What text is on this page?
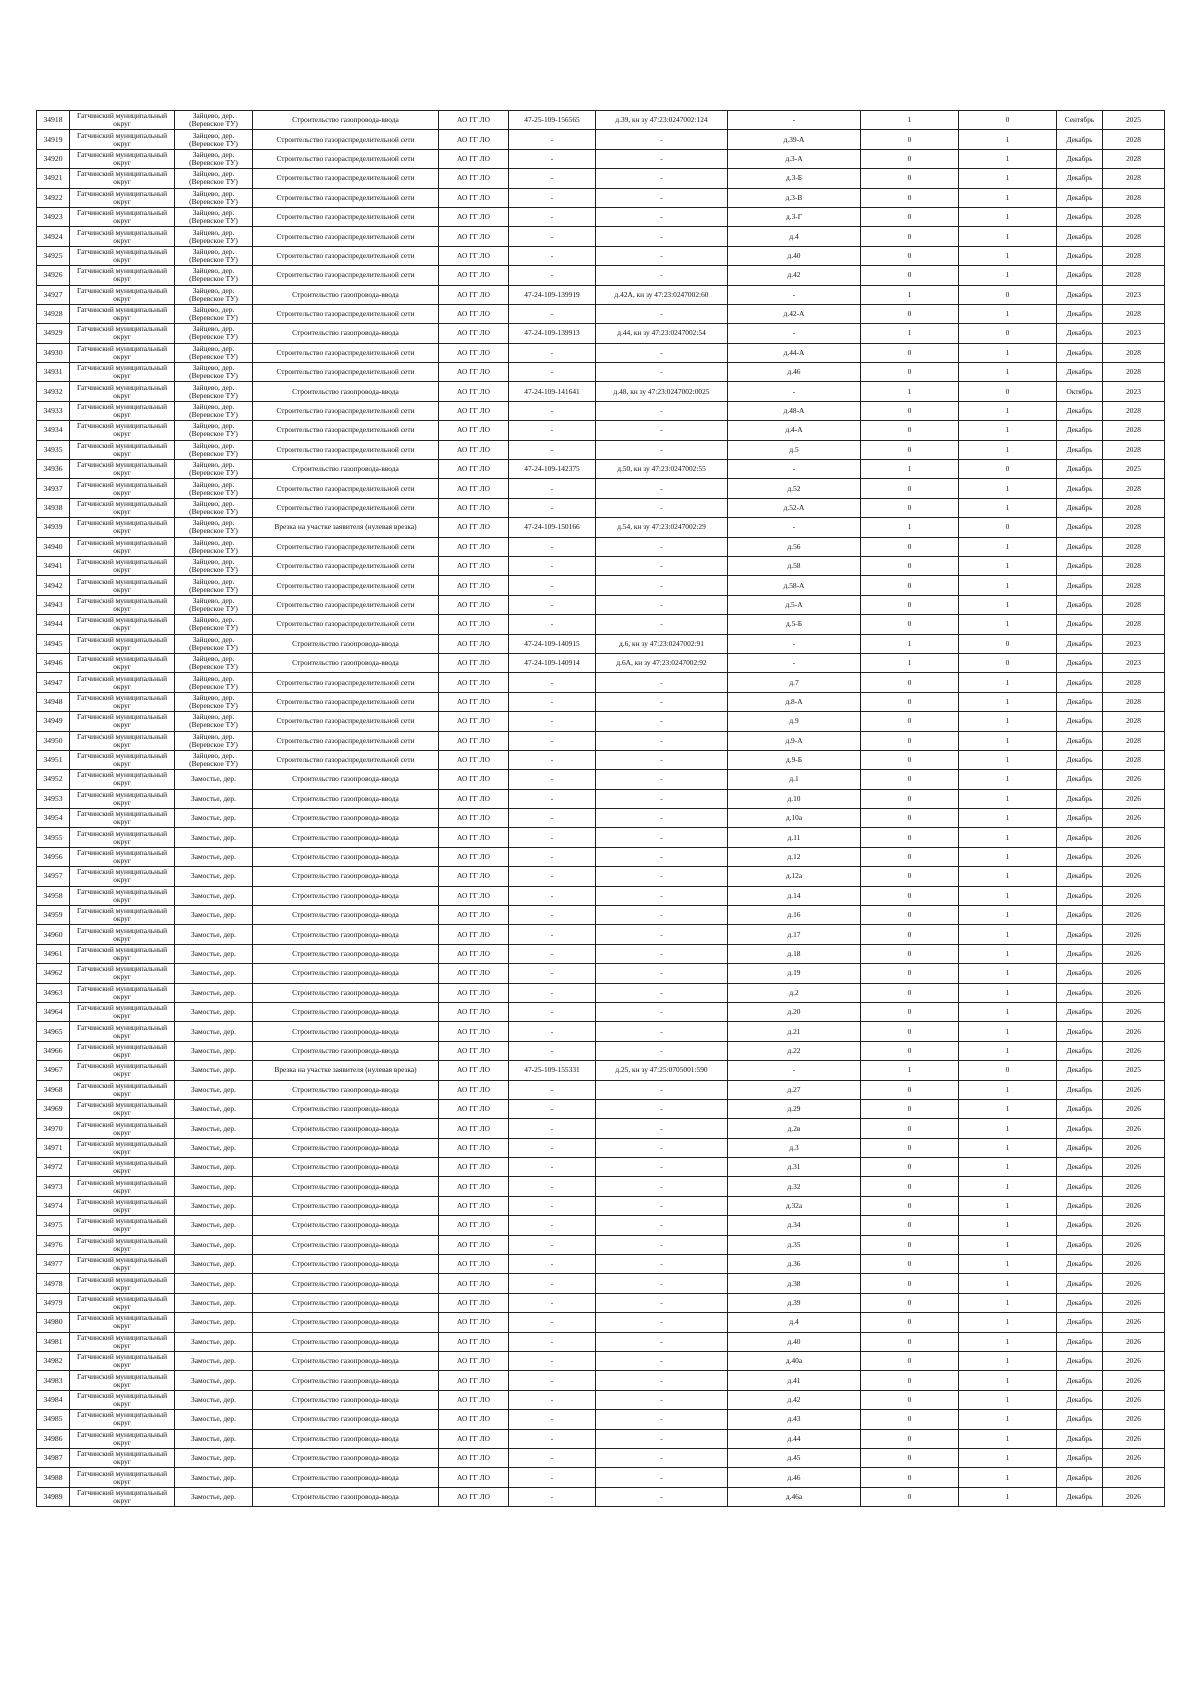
34918	Гатчинский муниципальный округ	Зайцево, дер. (Веревское ТУ)	Строительство газопровода-ввода	АО ГГ ЛО	47-25-109-156565	д.39, кн зу 47:23:0247002:124	-	1	0	Сентябрь	2025
34919	Гатчинский муниципальный округ	Зайцево, дер. (Веревское ТУ)	Строительство газораспределительной сети	АО ГГ ЛО	-	-	д.39-А	0	1	Декабрь	2028
34920	Гатчинский муниципальный округ	Зайцево, дер. (Веревское ТУ)	Строительство газораспределительной сети	АО ГГ ЛО	-	-	д.3-А	0	1	Декабрь	2028
34921	Гатчинский муниципальный округ	Зайцево, дер. (Веревское ТУ)	Строительство газораспределительной сети	АО ГГ ЛО	-	-	д.3-Б	0	1	Декабрь	2028
34922	Гатчинский муниципальный округ	Зайцево, дер. (Веревское ТУ)	Строительство газораспределительной сети	АО ГГ ЛО	-	-	д.3-В	0	1	Декабрь	2028
34923	Гатчинский муниципальный округ	Зайцево, дер. (Веревское ТУ)	Строительство газораспределительной сети	АО ГГ ЛО	-	-	д.3-Г	0	1	Декабрь	2028
34924	Гатчинский муниципальный округ	Зайцево, дер. (Веревское ТУ)	Строительство газораспределительной сети	АО ГГ ЛО	-	-	д.4	0	1	Декабрь	2028
34925	Гатчинский муниципальный округ	Зайцево, дер. (Веревское ТУ)	Строительство газораспределительной сети	АО ГГ ЛО	-	-	д.40	0	1	Декабрь	2028
34926	Гатчинский муниципальный округ	Зайцево, дер. (Веревское ТУ)	Строительство газораспределительной сети	АО ГГ ЛО	-	-	д.42	0	1	Декабрь	2028
34927	Гатчинский муниципальный округ	Зайцево, дер. (Веревское ТУ)	Строительство газопровода-ввода	АО ГГ ЛО	47-24-109-139919	д.42А, кн зу 47:23:0247002:60	-	1	0	Декабрь	2023
34928	Гатчинский муниципальный округ	Зайцево, дер. (Веревское ТУ)	Строительство газораспределительной сети	АО ГГ ЛО	-	-	д.42-А	0	1	Декабрь	2028
34929	Гатчинский муниципальный округ	Зайцево, дер. (Веревское ТУ)	Строительство газопровода-ввода	АО ГГ ЛО	47-24-109-139913	д.44, кн зу 47:23:0247002:54	-	1	0	Декабрь	2023
34930	Гатчинский муниципальный округ	Зайцево, дер. (Веревское ТУ)	Строительство газораспределительной сети	АО ГГ ЛО	-	-	д.44-А	0	1	Декабрь	2028
34931	Гатчинский муниципальный округ	Зайцево, дер. (Веревское ТУ)	Строительство газораспределительной сети	АО ГГ ЛО	-	-	д.46	0	1	Декабрь	2028
34932	Гатчинский муниципальный округ	Зайцево, дер. (Веревское ТУ)	Строительство газопровода-ввода	АО ГГ ЛО	47-24-109-141641	д.48, кн зу 47:23:0247002:0025	-	1	0	Октябрь	2023
34933	Гатчинский муниципальный округ	Зайцево, дер. (Веревское ТУ)	Строительство газораспределительной сети	АО ГГ ЛО	-	-	д.48-А	0	1	Декабрь	2028
34934	Гатчинский муниципальный округ	Зайцево, дер. (Веревское ТУ)	Строительство газораспределительной сети	АО ГГ ЛО	-	-	д.4-А	0	1	Декабрь	2028
34935	Гатчинский муниципальный округ	Зайцево, дер. (Веревское ТУ)	Строительство газораспределительной сети	АО ГГ ЛО	-	-	д.5	0	1	Декабрь	2028
34936	Гатчинский муниципальный округ	Зайцево, дер. (Веревское ТУ)	Строительство газопровода-ввода	АО ГГ ЛО	47-24-109-142375	д.50, кн зу 47:23:0247002:55	-	1	0	Декабрь	2025
34937	Гатчинский муниципальный округ	Зайцево, дер. (Веревское ТУ)	Строительство газораспределительной сети	АО ГГ ЛО	-	-	д.52	0	1	Декабрь	2028
34938	Гатчинский муниципальный округ	Зайцево, дер. (Веревское ТУ)	Строительство газораспределительной сети	АО ГГ ЛО	-	-	д.52-А	0	1	Декабрь	2028
34939	Гатчинский муниципальный округ	Зайцево, дер. (Веревское ТУ)	Врезка на участке заявителя (нулевая врезка)	АО ГГ ЛО	47-24-109-150166	д.54, кн зу 47:23:0247002:29	-	1	0	Декабрь	2028
34940	Гатчинский муниципальный округ	Зайцево, дер. (Веревское ТУ)	Строительство газораспределительной сети	АО ГГ ЛО	-	-	д.56	0	1	Декабрь	2028
34941	Гатчинский муниципальный округ	Зайцево, дер. (Веревское ТУ)	Строительство газораспределительной сети	АО ГГ ЛО	-	-	д.58	0	1	Декабрь	2028
34942	Гатчинский муниципальный округ	Зайцево, дер. (Веревское ТУ)	Строительство газораспределительной сети	АО ГГ ЛО	-	-	д.58-А	0	1	Декабрь	2028
34943	Гатчинский муниципальный округ	Зайцево, дер. (Веревское ТУ)	Строительство газораспределительной сети	АО ГГ ЛО	-	-	д.5-А	0	1	Декабрь	2028
34944	Гатчинский муниципальный округ	Зайцево, дер. (Веревское ТУ)	Строительство газораспределительной сети	АО ГГ ЛО	-	-	д.5-Б	0	1	Декабрь	2028
34945	Гатчинский муниципальный округ	Зайцево, дер. (Веревское ТУ)	Строительство газопровода-ввода	АО ГГ ЛО	47-24-109-140915	д.6, кн зу 47:23:0247002:91	-	1	0	Декабрь	2023
34946	Гатчинский муниципальный округ	Зайцево, дер. (Веревское ТУ)	Строительство газопровода-ввода	АО ГГ ЛО	47-24-109-140914	д.6А, кн зу 47:23:0247002:92	-	1	0	Декабрь	2023
34947	Гатчинский муниципальный округ	Зайцево, дер. (Веревское ТУ)	Строительство газораспределительной сети	АО ГГ ЛО	-	-	д.7	0	1	Декабрь	2028
34948	Гатчинский муниципальный округ	Зайцево, дер. (Веревское ТУ)	Строительство газораспределительной сети	АО ГГ ЛО	-	-	д.8-А	0	1	Декабрь	2028
34949	Гатчинский муниципальный округ	Зайцево, дер. (Веревское ТУ)	Строительство газораспределительной сети	АО ГГ ЛО	-	-	д.9	0	1	Декабрь	2028
34950	Гатчинский муниципальный округ	Зайцево, дер. (Веревское ТУ)	Строительство газораспределительной сети	АО ГГ ЛО	-	-	д.9-А	0	1	Декабрь	2028
34951	Гатчинский муниципальный округ	Зайцево, дер. (Веревское ТУ)	Строительство газораспределительной сети	АО ГГ ЛО	-	-	д.9-Б	0	1	Декабрь	2028
34952	Гатчинский муниципальный округ	Замостье, дер.	Строительство газопровода-ввода	АО ГГ ЛО	-	-	д.1	0	1	Декабрь	2026
34953	Гатчинский муниципальный округ	Замостье, дер.	Строительство газопровода-ввода	АО ГГ ЛО	-	-	д.10	0	1	Декабрь	2026
34954	Гатчинский муниципальный округ	Замостье, дер.	Строительство газопровода-ввода	АО ГГ ЛО	-	-	д.10а	0	1	Декабрь	2026
34955	Гатчинский муниципальный округ	Замостье, дер.	Строительство газопровода-ввода	АО ГГ ЛО	-	-	д.11	0	1	Декабрь	2026
34956	Гатчинский муниципальный округ	Замостье, дер.	Строительство газопровода-ввода	АО ГГ ЛО	-	-	д.12	0	1	Декабрь	2026
34957	Гатчинский муниципальный округ	Замостье, дер.	Строительство газопровода-ввода	АО ГГ ЛО	-	-	д.12а	0	1	Декабрь	2026
34958	Гатчинский муниципальный округ	Замостье, дер.	Строительство газопровода-ввода	АО ГГ ЛО	-	-	д.14	0	1	Декабрь	2026
34959	Гатчинский муниципальный округ	Замостье, дер.	Строительство газопровода-ввода	АО ГГ ЛО	-	-	д.16	0	1	Декабрь	2026
34960	Гатчинский муниципальный округ	Замостье, дер.	Строительство газопровода-ввода	АО ГГ ЛО	-	-	д.17	0	1	Декабрь	2026
34961	Гатчинский муниципальный округ	Замостье, дер.	Строительство газопровода-ввода	АО ГГ ЛО	-	-	д.18	0	1	Декабрь	2026
34962	Гатчинский муниципальный округ	Замостье, дер.	Строительство газопровода-ввода	АО ГГ ЛО	-	-	д.19	0	1	Декабрь	2026
34963	Гатчинский муниципальный округ	Замостье, дер.	Строительство газопровода-ввода	АО ГГ ЛО	-	-	д.2	0	1	Декабрь	2026
34964	Гатчинский муниципальный округ	Замостье, дер.	Строительство газопровода-ввода	АО ГГ ЛО	-	-	д.20	0	1	Декабрь	2026
34965	Гатчинский муниципальный округ	Замостье, дер.	Строительство газопровода-ввода	АО ГГ ЛО	-	-	д.21	0	1	Декабрь	2026
34966	Гатчинский муниципальный округ	Замостье, дер.	Строительство газопровода-ввода	АО ГГ ЛО	-	-	д.22	0	1	Декабрь	2026
34967	Гатчинский муниципальный округ	Замостье, дер.	Врезка на участке заявителя (нулевая врезка)	АО ГГ ЛО	47-25-109-155331	д.25, кн зу 47:25:0705001:590	-	1	0	Декабрь	2025
34968	Гатчинский муниципальный округ	Замостье, дер.	Строительство газопровода-ввода	АО ГГ ЛО	-	-	д.27	0	1	Декабрь	2026
34969	Гатчинский муниципальный округ	Замостье, дер.	Строительство газопровода-ввода	АО ГГ ЛО	-	-	д.29	0	1	Декабрь	2026
34970	Гатчинский муниципальный округ	Замостье, дер.	Строительство газопровода-ввода	АО ГГ ЛО	-	-	д.2в	0	1	Декабрь	2026
34971	Гатчинский муниципальный округ	Замостье, дер.	Строительство газопровода-ввода	АО ГГ ЛО	-	-	д.3	0	1	Декабрь	2026
34972	Гатчинский муниципальный округ	Замостье, дер.	Строительство газопровода-ввода	АО ГГ ЛО	-	-	д.31	0	1	Декабрь	2026
34973	Гатчинский муниципальный округ	Замостье, дер.	Строительство газопровода-ввода	АО ГГ ЛО	-	-	д.32	0	1	Декабрь	2026
34974	Гатчинский муниципальный округ	Замостье, дер.	Строительство газопровода-ввода	АО ГГ ЛО	-	-	д.32а	0	1	Декабрь	2026
34975	Гатчинский муниципальный округ	Замостье, дер.	Строительство газопровода-ввода	АО ГГ ЛО	-	-	д.34	0	1	Декабрь	2026
34976	Гатчинский муниципальный округ	Замостье, дер.	Строительство газопровода-ввода	АО ГГ ЛО	-	-	д.35	0	1	Декабрь	2026
34977	Гатчинский муниципальный округ	Замостье, дер.	Строительство газопровода-ввода	АО ГГ ЛО	-	-	д.36	0	1	Декабрь	2026
34978	Гатчинский муниципальный округ	Замостье, дер.	Строительство газопровода-ввода	АО ГГ ЛО	-	-	д.38	0	1	Декабрь	2026
34979	Гатчинский муниципальный округ	Замостье, дер.	Строительство газопровода-ввода	АО ГГ ЛО	-	-	д.39	0	1	Декабрь	2026
34980	Гатчинский муниципальный округ	Замостье, дер.	Строительство газопровода-ввода	АО ГГ ЛО	-	-	д.4	0	1	Декабрь	2026
34981	Гатчинский муниципальный округ	Замостье, дер.	Строительство газопровода-ввода	АО ГГ ЛО	-	-	д.40	0	1	Декабрь	2026
34982	Гатчинский муниципальный округ	Замостье, дер.	Строительство газопровода-ввода	АО ГГ ЛО	-	-	д.40а	0	1	Декабрь	2026
34983	Гатчинский муниципальный округ	Замостье, дер.	Строительство газопровода-ввода	АО ГГ ЛО	-	-	д.41	0	1	Декабрь	2026
34984	Гатчинский муниципальный округ	Замостье, дер.	Строительство газопровода-ввода	АО ГГ ЛО	-	-	д.42	0	1	Декабрь	2026
34985	Гатчинский муниципальный округ	Замостье, дер.	Строительство газопровода-ввода	АО ГГ ЛО	-	-	д.43	0	1	Декабрь	2026
34986	Гатчинский муниципальный округ	Замостье, дер.	Строительство газопровода-ввода	АО ГГ ЛО	-	-	д.44	0	1	Декабрь	2026
34987	Гатчинский муниципальный округ	Замостье, дер.	Строительство газопровода-ввода	АО ГГ ЛО	-	-	д.45	0	1	Декабрь	2026
34988	Гатчинский муниципальный округ	Замостье, дер.	Строительство газопровода-ввода	АО ГГ ЛО	-	-	д.46	0	1	Декабрь	2026
34989	Гатчинский муниципальный округ	Замостье, дер.	Строительство газопровода-ввода	АО ГГ ЛО	-	-	д.46а	0	1	Декабрь	2026
